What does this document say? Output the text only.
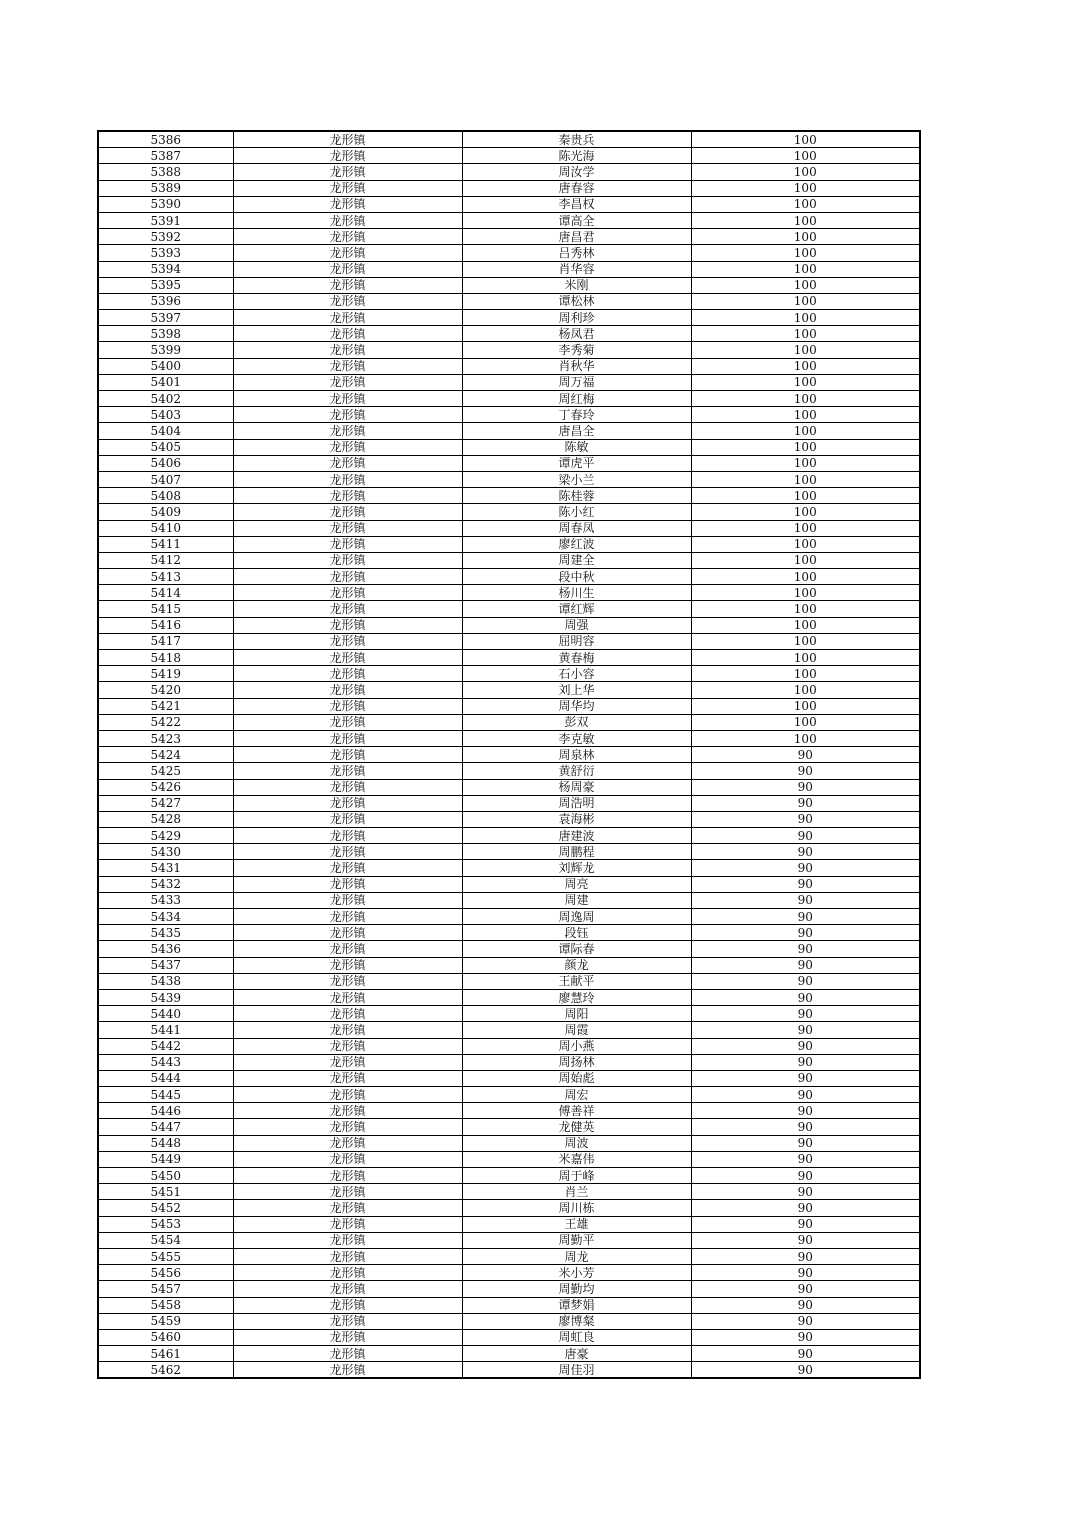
5386	龙形镇	秦贵兵	100
5387	龙形镇	陈光海	100
5388	龙形镇	周汝学	100
5389	龙形镇	唐春容	100
5390	龙形镇	李昌权	100
5391	龙形镇	谭高全	100
5392	龙形镇	唐昌君	100
5393	龙形镇	吕秀林	100
5394	龙形镇	肖华容	100
5395	龙形镇	米刚	100
5396	龙形镇	谭松林	100
5397	龙形镇	周利珍	100
5398	龙形镇	杨凤君	100
5399	龙形镇	李秀菊	100
5400	龙形镇	肖秋华	100
5401	龙形镇	周万福	100
5402	龙形镇	周红梅	100
5403	龙形镇	丁春玲	100
5404	龙形镇	唐昌全	100
5405	龙形镇	陈敏	100
5406	龙形镇	谭虎平	100
5407	龙形镇	梁小兰	100
5408	龙形镇	陈桂蓉	100
5409	龙形镇	陈小红	100
5410	龙形镇	周春凤	100
5411	龙形镇	廖红波	100
5412	龙形镇	周建全	100
5413	龙形镇	段中秋	100
5414	龙形镇	杨川生	100
5415	龙形镇	谭红辉	100
5416	龙形镇	周强	100
5417	龙形镇	屈明容	100
5418	龙形镇	黄春梅	100
5419	龙形镇	石小容	100
5420	龙形镇	刘上华	100
5421	龙形镇	周华均	100
5422	龙形镇	彭双	100
5423	龙形镇	李克敏	100
5424	龙形镇	周泉林	90
5425	龙形镇	黄舒衍	90
5426	龙形镇	杨周豪	90
5427	龙形镇	周浩明	90
5428	龙形镇	袁海彬	90
5429	龙形镇	唐建波	90
5430	龙形镇	周鹏程	90
5431	龙形镇	刘辉龙	90
5432	龙形镇	周亮	90
5433	龙形镇	周建	90
5434	龙形镇	周逸周	90
5435	龙形镇	段钰	90
5436	龙形镇	谭际春	90
5437	龙形镇	颜龙	90
5438	龙形镇	王献平	90
5439	龙形镇	廖慧玲	90
5440	龙形镇	周阳	90
5441	龙形镇	周霞	90
5442	龙形镇	周小燕	90
5443	龙形镇	周扬林	90
5444	龙形镇	周始彪	90
5445	龙形镇	周宏	90
5446	龙形镇	傅善祥	90
5447	龙形镇	龙健英	90
5448	龙形镇	周波	90
5449	龙形镇	米嘉伟	90
5450	龙形镇	周于峰	90
5451	龙形镇	肖兰	90
5452	龙形镇	周川栋	90
5453	龙形镇	王雄	90
5454	龙形镇	周勤平	90
5455	龙形镇	周龙	90
5456	龙形镇	米小芳	90
5457	龙形镇	周勤均	90
5458	龙形镇	谭梦娟	90
5459	龙形镇	廖博粲	90
5460	龙形镇	周虹良	90
5461	龙形镇	唐豪	90
5462	龙形镇	周佳羽	90
